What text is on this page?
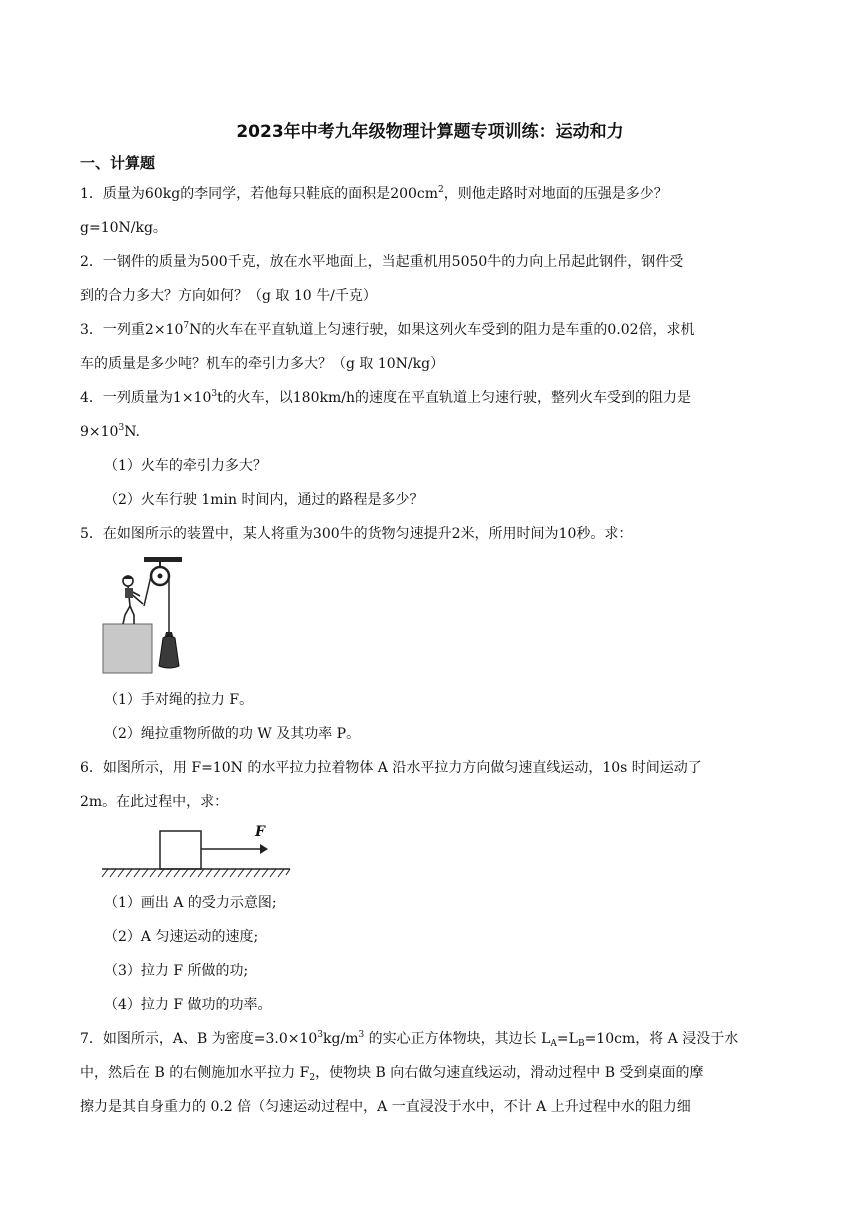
2023年中考九年级物理计算题专项训练：运动和力
一、计算题
1．质量为60kg的李同学，若他每只鞋底的面积是$200cm^2$，则他走路时对地面的压强是多少？
g=10N/kg。
2．一钢件的质量为500千克，放在水平地面上，当起重机用5050牛的力向上吊起此钢件，钢件受
到的合力多大？方向如何？（g 取 10 牛/千克）
3．一列重$2\times 10^7N$的火车在平直轨道上匀速行驶，如果这列火车受到的阻力是车重的0.02倍，求机
车的质量是多少吨？机车的牵引力多大？（g 取 10N/kg）
4．一列质量为$1\times 10^3t$的火车，以180km/h的速度在平直轨道上匀速行驶，整列火车受到的阻力是
$9\times 10^3N$.
（1）火车的牵引力多大？
（2）火车行驶 1min 时间内，通过的路程是多少？
5．在如图所示的装置中，某人将重为300牛的货物匀速提升2米，所用时间为10秒。求：
（1）手对绳的拉力 F。
（2）绳拉重物所做的功 W 及其功率 P。
6．如图所示，用 F=10N 的水平拉力拉着物体 A 沿水平拉力方向做匀速直线运动，10s 时间运动了
2m。在此过程中，求：
F
（1）画出 A 的受力示意图;
（2）A 匀速运动的速度;
（3）拉力 F 所做的功;
（4）拉力 F 做功的功率。
7．如图所示，A、B 为密度$=3.0\times 10^3kg/m^3$ 的实心正方体物块，其边长 $L_A=L_B=10cm$，将 A 浸没于水
中，然后在 B 的右侧施加水平拉力 $F_2$，使物块 B 向右做匀速直线运动，滑动过程中 B 受到桌面的摩
擦力是其自身重力的 0.2 倍（匀速运动过程中，A 一直浸没于水中，不计 A 上升过程中水的阻力细
